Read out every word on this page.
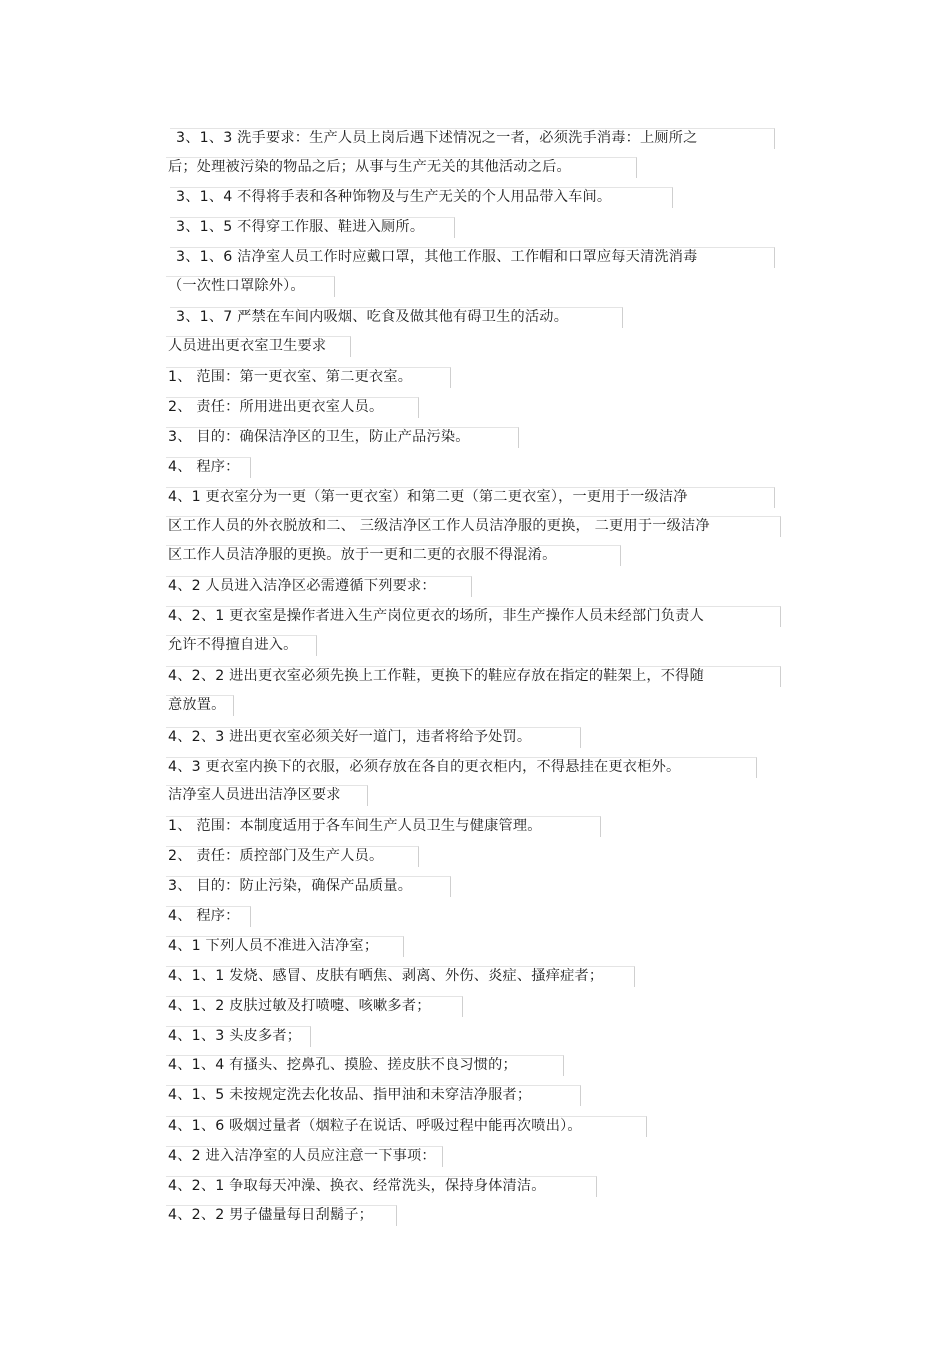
3、1、3 洗手要求：生产人员上岗后遇下述情况之一者，必须洗手消毒：上厕所之
后；处理被污染的物品之后；从事与生产无关的其他活动之后。
3、1、4 不得将手表和各种饰物及与生产无关的个人用品带入车间。
3、1、5 不得穿工作服、鞋进入厕所。
3、1、6 洁净室人员工作时应戴口罩，其他工作服、工作帽和口罩应每天清洗消毒
（一次性口罩除外）。
3、1、7 严禁在车间内吸烟、吃食及做其他有碍卫生的活动。
人员进出更衣室卫生要求
1、 范围：第一更衣室、第二更衣室。
2、 责任：所用进出更衣室人员。
3、 目的：确保洁净区的卫生，防止产品污染。
4、 程序：
4、1 更衣室分为一更（第一更衣室）和第二更（第二更衣室），一更用于一级洁净
区工作人员的外衣脱放和二、 三级洁净区工作人员洁净服的更换， 二更用于一级洁净
区工作人员洁净服的更换。放于一更和二更的衣服不得混淆。
4、2 人员进入洁净区必需遵循下列要求：
4、2、1 更衣室是操作者进入生产岗位更衣的场所，非生产操作人员未经部门负责人
允许不得擅自进入。
4、2、2 进出更衣室必须先换上工作鞋，更换下的鞋应存放在指定的鞋架上，不得随
意放置。
4、2、3 进出更衣室必须关好一道门，违者将给予处罚。
4、3 更衣室内换下的衣服，必须存放在各自的更衣柜内，不得悬挂在更衣柜外。
洁净室人员进出洁净区要求
1、 范围：本制度适用于各车间生产人员卫生与健康管理。
2、 责任：质控部门及生产人员。
3、 目的：防止污染，确保产品质量。
4、 程序：
4、1 下列人员不准进入洁净室；
4、1、1 发烧、感冒、皮肤有晒焦、剥离、外伤、炎症、搔痒症者；
4、1、2 皮肤过敏及打喷嚏、咳嗽多者；
4、1、3 头皮多者；
4、1、4 有搔头、挖鼻孔、摸脸、搓皮肤不良习惯的；
4、1、5 未按规定洗去化妆品、指甲油和未穿洁净服者；
4、1、6 吸烟过量者（烟粒子在说话、呼吸过程中能再次喷出）。
4、2 进入洁净室的人员应注意一下事项：
4、2、1 争取每天冲澡、换衣、经常洗头，保持身体清洁。
4、2、2 男子儘量每日刮鬍子；
